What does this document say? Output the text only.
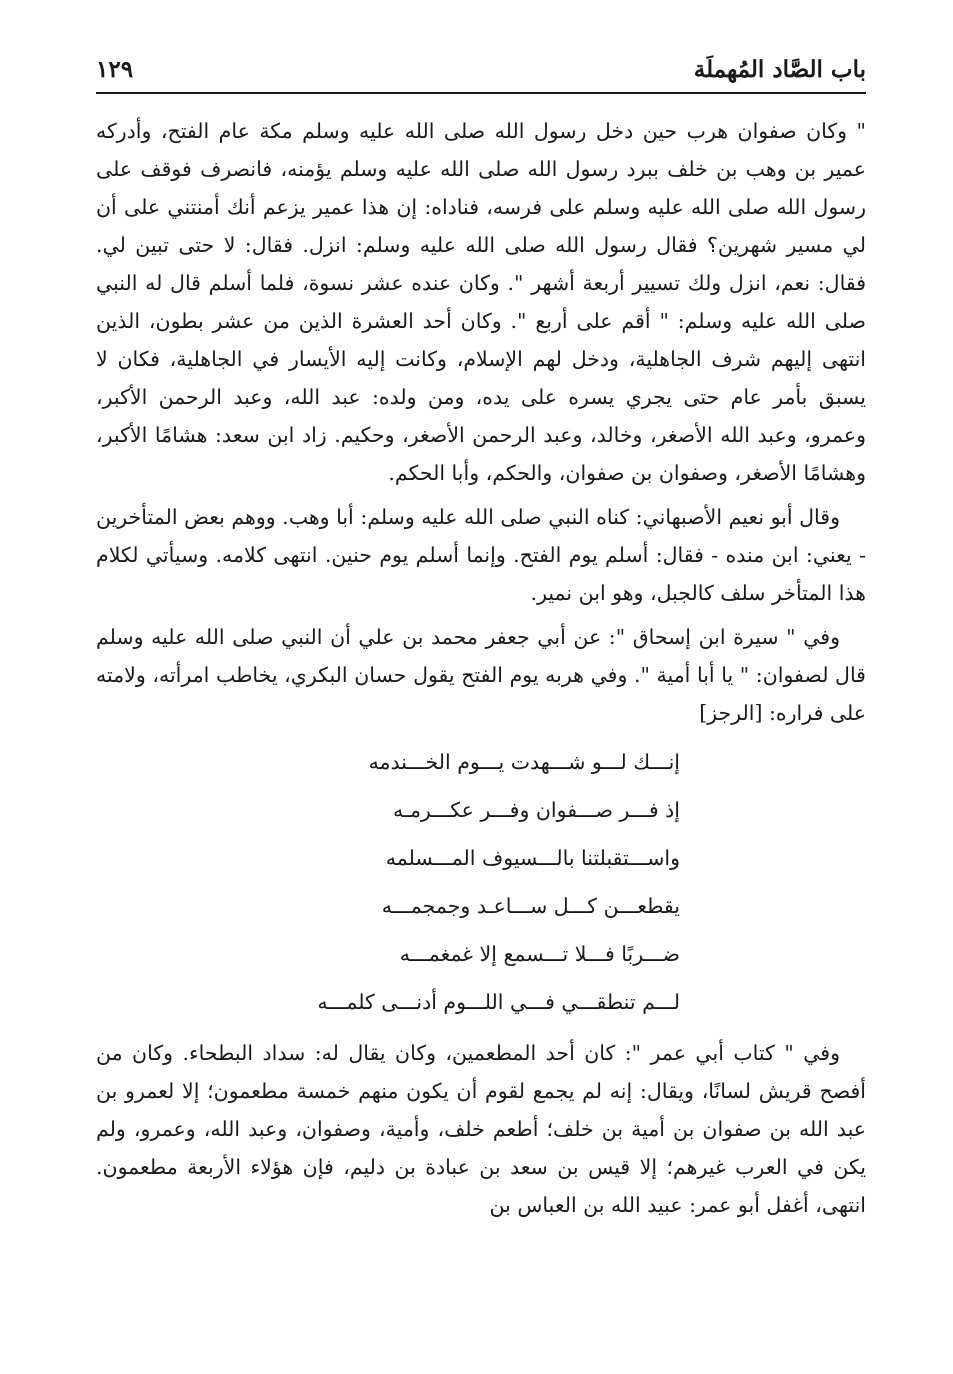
باب الصَّاد المُهملَة
١٢٩

" وكان صفوان هرب حين دخل رسول الله صلى الله عليه وسلم مكة عام الفتح، وأدركه عمير بن وهب بن خلف ببرد رسول الله صلى الله عليه وسلم يؤمنه، فانصرف فوقف على رسول الله صلى الله عليه وسلم على فرسه، فناداه: إن هذا عمير يزعم أنك أمنتني على أن لي مسير شهرين؟ فقال رسول الله صلى الله عليه وسلم: انزل. فقال: لا حتى تبين لي. فقال: نعم، انزل ولك تسيير أربعة أشهر ". وكان عنده عشر نسوة، فلما أسلم قال له النبي صلى الله عليه وسلم: " أقم على أربع ". وكان أحد العشرة الذين من عشر بطون، الذين انتهى إليهم شرف الجاهلية، ودخل لهم الإسلام، وكانت إليه الأيسار في الجاهلية، فكان لا يسبق بأمر عام حتى يجري يسره على يده، ومن ولده: عبد الله، وعبد الرحمن الأكبر، وعمرو، وعبد الله الأصغر، وخالد، وعبد الرحمن الأصغر، وحكيم. زاد ابن سعد: هشامًا الأكبر، وهشامًا الأصغر، وصفوان بن صفوان، والحكم، وأبا الحكم.

وقال أبو نعيم الأصبهاني: كناه النبي صلى الله عليه وسلم: أبا وهب. ووهم بعض المتأخرين - يعني: ابن منده - فقال: أسلم يوم الفتح. وإنما أسلم يوم حنين. انتهى كلامه. وسيأتي لكلام هذا المتأخر سلف كالجبل، وهو ابن نمير.

وفي " سيرة ابن إسحاق ": عن أبي جعفر محمد بن علي أن النبي صلى الله عليه وسلم قال لصفوان: " يا أبا أمية ". وفي هربه يوم الفتح يقول حسان البكري، يخاطب امرأته، ولامته على فراره: [الرجز]

إنـــك لـــو شـــهدت يـــوم الخـــندمه
إذ فـــر صـــفوان وفـــر عكـــرمـه
واســـتقبلتنا بالـــسيوف المـــسلمه
يقطعـــن كـــل ســـاعـد وجمجمـــه
ضـــربًا فـــلا تـــسمع إلا غمغمـــه
لـــم تنطقـــي فـــي اللـــوم أدنـــى كلمـــه

وفي " كتاب أبي عمر ": كان أحد المطعمين، وكان يقال له: سداد البطحاء. وكان من أفصح قريش لسانًا، ويقال: إنه لم يجمع لقوم أن يكون منهم خمسة مطعمون؛ إلا لعمرو بن عبد الله بن صفوان بن أمية بن خلف؛ أطعم خلف، وأمية، وصفوان، وعبد الله، وعمرو، ولم يكن في العرب غيرهم؛ إلا قيس بن سعد بن عبادة بن دليم، فإن هؤلاء الأربعة مطعمون. انتهى، أغفل أبو عمر: عبيد الله بن العباس بن
